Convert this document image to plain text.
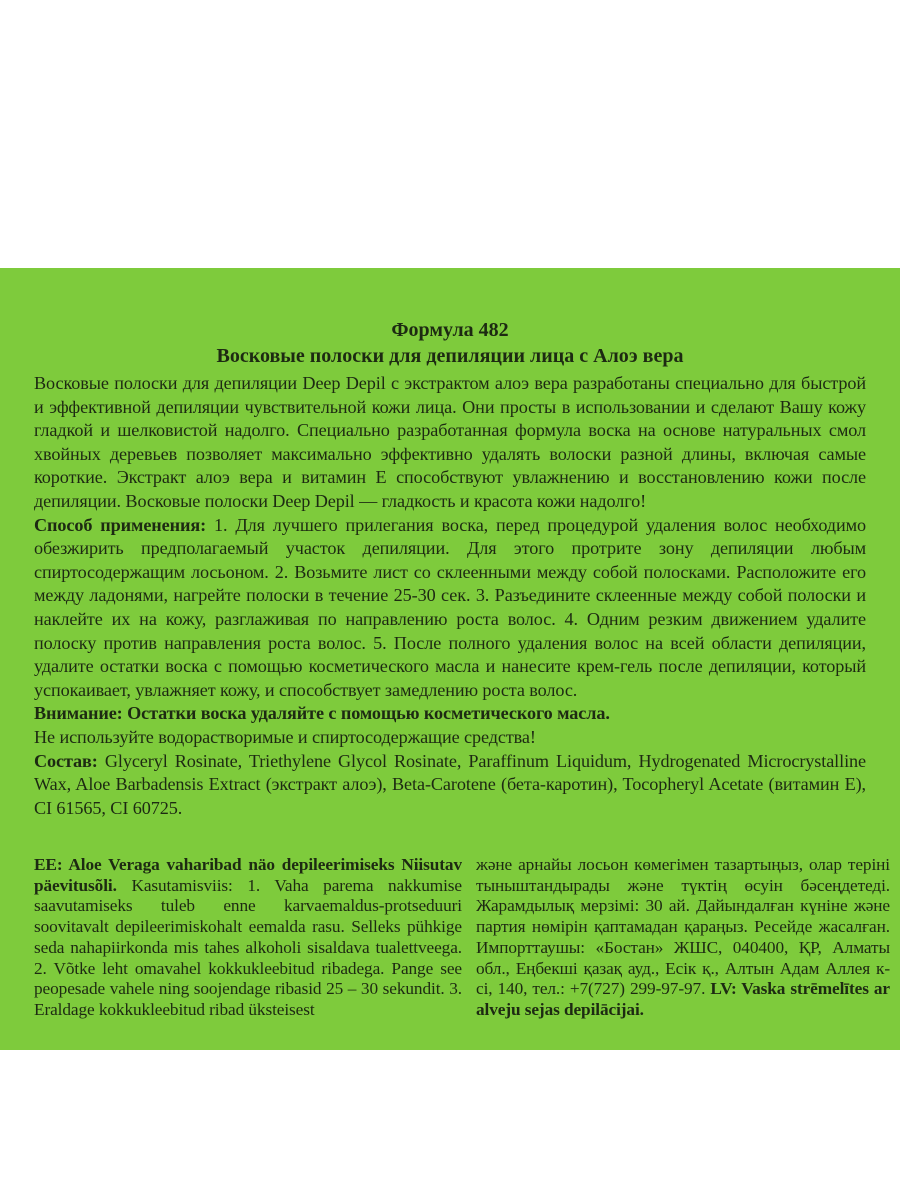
Формула 482
Восковые полоски для депиляции лица с Алоэ вера

Восковые полоски для депиляции Deep Depil с экстрактом алоэ вера разработаны специально для быстрой и эффективной депиляции чувствительной кожи лица. Они просты в использовании и сделают Вашу кожу гладкой и шелковистой надолго. Специально разработанная формула воска на основе натуральных смол хвойных деревьев позволяет максимально эффективно удалять волоски разной длины, включая самые короткие. Экстракт алоэ вера и витамин Е способствуют увлажнению и восстановлению кожи после депиляции. Восковые полоски Deep Depil — гладкость и красота кожи надолго!

Способ применения: 1. Для лучшего прилегания воска, перед процедурой удаления волос необходимо обезжирить предполагаемый участок депиляции. Для этого протрите зону депиляции любым спиртосодержащим лосьоном. 2. Возьмите лист со склеенными между собой полосками. Расположите его между ладонями, нагрейте полоски в течение 25-30 сек. 3. Разъедините склеенные между собой полоски и наклейте их на кожу, разглаживая по направлению роста волос. 4. Одним резким движением удалите полоску против направления роста волос. 5. После полного удаления волос на всей области депиляции, удалите остатки воска с помощью косметического масла и нанесите крем-гель после депиляции, который успокаивает, увлажняет кожу, и способствует замедлению роста волос.

Внимание: Остатки воска удаляйте с помощью косметического масла.

Не используйте водорастворимые и спиртосодержащие средства!

Состав: Glyceryl Rosinate, Triethylene Glycol Rosinate, Paraffinum Liquidum, Hydrogenated Microcrystalline Wax, Aloe Barbadensis Extract (экстракт алоэ), Beta-Carotene (бета-каротин), Tocopheryl Acetate (витамин Е), CI 61565, CI 60725.

EE: Aloe Veraga vaharibad näo depileerimiseks Niisutav päevitusõli. Kasutamisviis: 1. Vaha parema nakkumise saavutamiseks tuleb enne karvaemaldus-protseduuri soovitavalt depileerimiskohalt eemalda rasu. Selleks pühkige seda nahapiirkonda mis tahes alkoholi sisaldava tualettveega. 2. Võtke leht omavahel kokkukleebitud ribadega. Pange see peopesade vahele ning soojendage ribasid 25 – 30 sekundit. 3. Eraldage kokkukleebitud ribad üksteisest

және арнайы лосьон көмегімен тазартыңыз, олар теріні тыныштандырады және түктің өсуін бәсеңдетеді. Жарамдылық мерзімі: 30 ай. Дайындалған күніне және партия нөмірін қаптамадан қараңыз. Ресейде жасалған. Импорттаушы: «Бостан» ЖШС, 040400, ҚР, Алматы обл., Еңбекші қазақ ауд., Есік қ., Алтын Адам Аллея к-сі, 140, тел.: +7(727) 299-97-97. LV: Vaska strēmelītes ar alveju sejas depilācijai.
